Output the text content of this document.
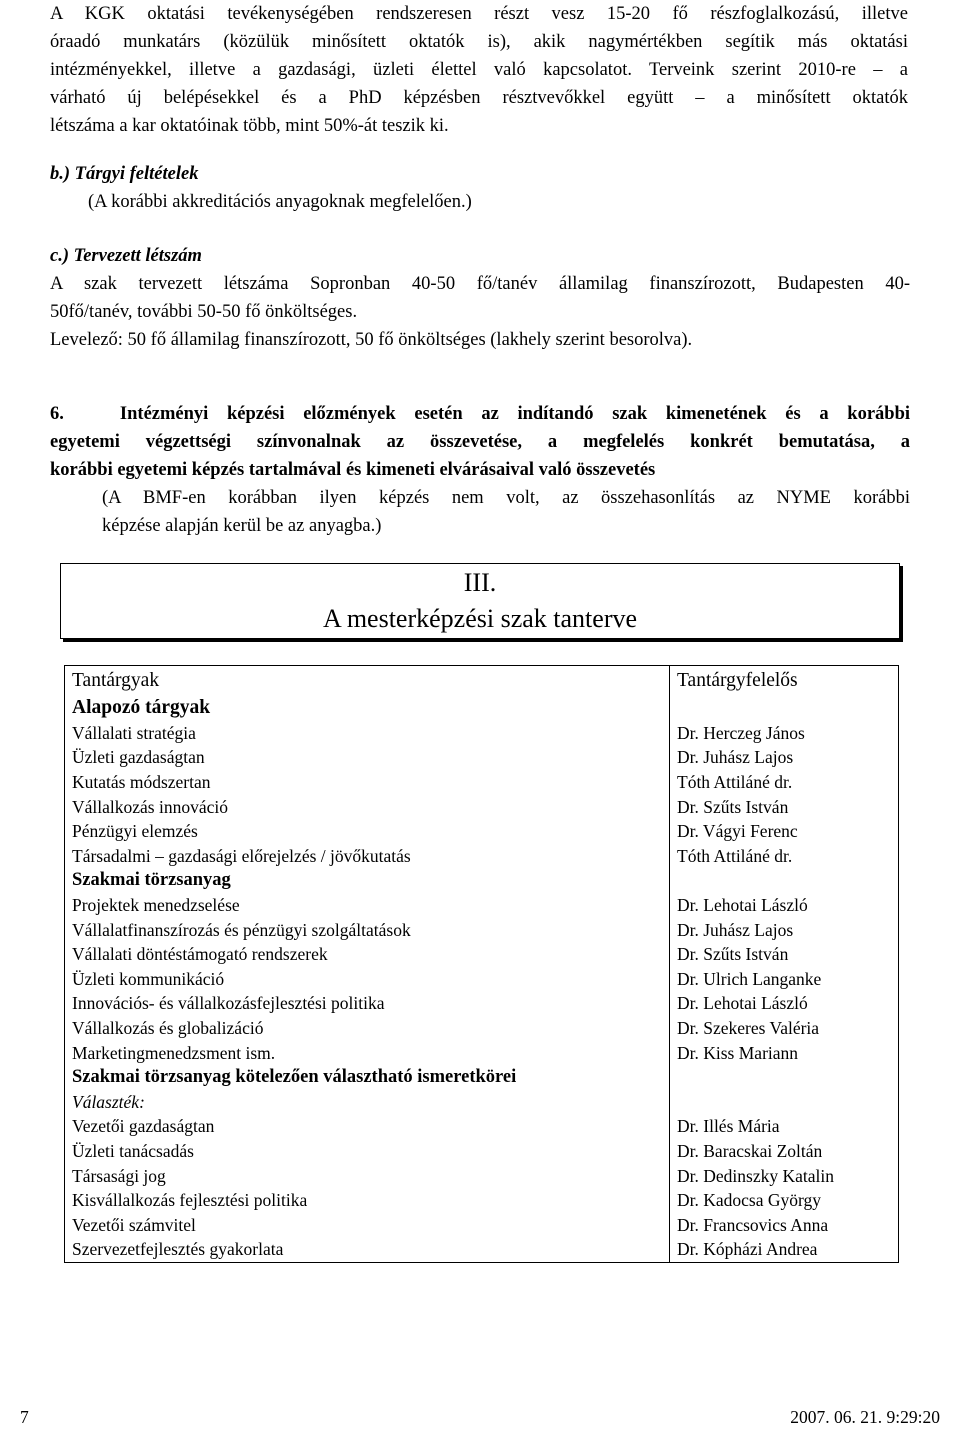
A KGK oktatási tevékenységében rendszeresen részt vesz 15-20 fő részfoglalkozású, illetve

óraadó munkatárs (közülük minősített oktatók is), akik nagymértékben segítik más oktatási

intézményekkel, illetve a gazdasági, üzleti élettel való kapcsolatot. Terveink szerint 2010-re – a

várható új belépésekkel és a PhD képzésben résztvevőkkel együtt – a minősített oktatók

létszáma a kar oktatóinak több, mint 50%-át teszik ki.

b.) Tárgyi feltételek

(A korábbi akkreditációs anyagoknak megfelelően.)

c.) Tervezett létszám

A szak tervezett létszáma Sopronban 40-50 fő/tanév államilag finanszírozott, Budapesten 40-

50fő/tanév, további 50-50 fő önköltséges.

Levelező: 50 fő államilag finanszírozott, 50 fő önköltséges (lakhely szerint besorolva).

6.   Intézményi képzési előzmények esetén az indítandó szak kimenetének és a korábbi

egyetemi végzettségi színvonalnak az összevetése, a megfelelés konkrét bemutatása, a

korábbi egyetemi képzés tartalmával és kimeneti elvárásaival való összevetés

(A BMF-en korábban ilyen képzés nem volt, az összehasonlítás az NYME korábbi

képzése alapján kerül be az anyagba.)

III.
A mesterképzési szak tanterve
Tantárgyak	Tantárgyfelelős
Alapozó tárgyak	
Vállalati stratégia	Dr. Herczeg János
Üzleti gazdaságtan	Dr. Juhász Lajos
Kutatás módszertan	Tóth Attiláné dr.
Vállalkozás innováció	Dr. Szűts István
Pénzügyi elemzés	Dr. Vágyi Ferenc
Társadalmi – gazdasági előrejelzés / jövőkutatás	Tóth Attiláné dr.
Szakmai törzsanyag	
Projektek menedzselése	Dr. Lehotai László
Vállalatfinanszírozás és pénzügyi szolgáltatások	Dr. Juhász Lajos
Vállalati döntéstámogató rendszerek	Dr. Szűts István
Üzleti kommunikáció	Dr. Ulrich Langanke
Innovációs- és vállalkozásfejlesztési politika	Dr. Lehotai László
Vállalkozás és globalizáció	Dr. Szekeres Valéria
Marketingmenedzsment ism.	Dr. Kiss Mariann
Szakmai törzsanyag kötelezően választható ismeretkörei	
Választék:	
Vezetői gazdaságtan	Dr. Illés Mária
Üzleti tanácsadás	Dr. Baracskai Zoltán
Társasági jog	Dr. Dedinszky Katalin
Kisvállalkozás fejlesztési politika	Dr. Kadocsa György
Vezetői számvitel	Dr. Francsovics Anna
Szervezetfejlesztés gyakorlata	Dr. Kópházi Andrea
7	2007. 06. 21. 9:29:20
